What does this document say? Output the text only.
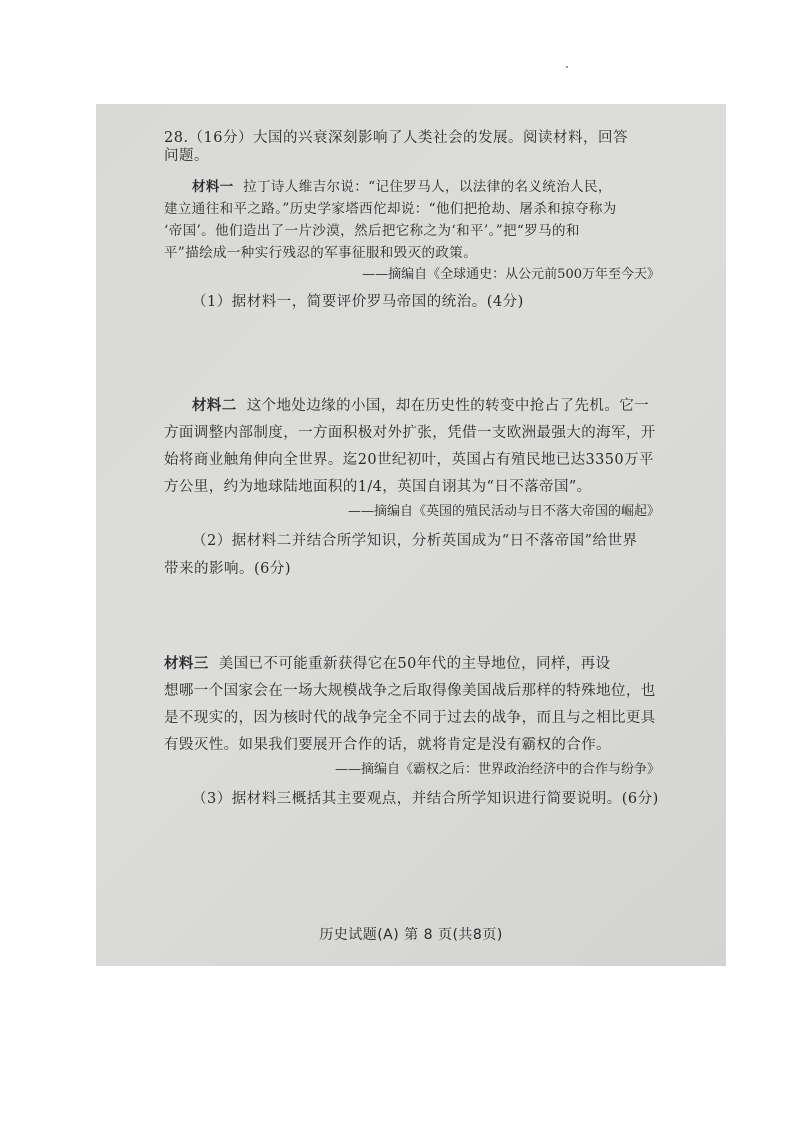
28.（16分）大国的兴衰深刻影响了人类社会的发展。阅读材料，回答
问题。
材料一 拉丁诗人维吉尔说：“记住罗马人，以法律的名义统治人民，
建立通往和平之路。”历史学家塔西佗却说：“他们把抢劫、屠杀和掠夺称为
‘帝国’。他们造出了一片沙漠，然后把它称之为‘和平’。”把“罗马的和
平”描绘成一种实行残忍的军事征服和毁灭的政策。
——摘编自《全球通史：从公元前500万年至今天》
（1）据材料一，简要评价罗马帝国的统治。(4分)
材料二 这个地处边缘的小国，却在历史性的转变中抢占了先机。它一
方面调整内部制度，一方面积极对外扩张，凭借一支欧洲最强大的海军，开
始将商业触角伸向全世界。迄20世纪初叶，英国占有殖民地已达3350万平
方公里，约为地球陆地面积的1/4，英国自诩其为“日不落帝国”。
——摘编自《英国的殖民活动与日不落大帝国的崛起》
（2）据材料二并结合所学知识，分析英国成为“日不落帝国”给世界
带来的影响。(6分)
材料三 美国已不可能重新获得它在50年代的主导地位，同样，再设
想哪一个国家会在一场大规模战争之后取得像美国战后那样的特殊地位，也
是不现实的，因为核时代的战争完全不同于过去的战争，而且与之相比更具
有毁灭性。如果我们要展开合作的话，就将肯定是没有霸权的合作。
——摘编自《霸权之后：世界政治经济中的合作与纷争》
（3）据材料三概括其主要观点，并结合所学知识进行简要说明。(6分)
历史试题(A) 第 8 页(共8页)
